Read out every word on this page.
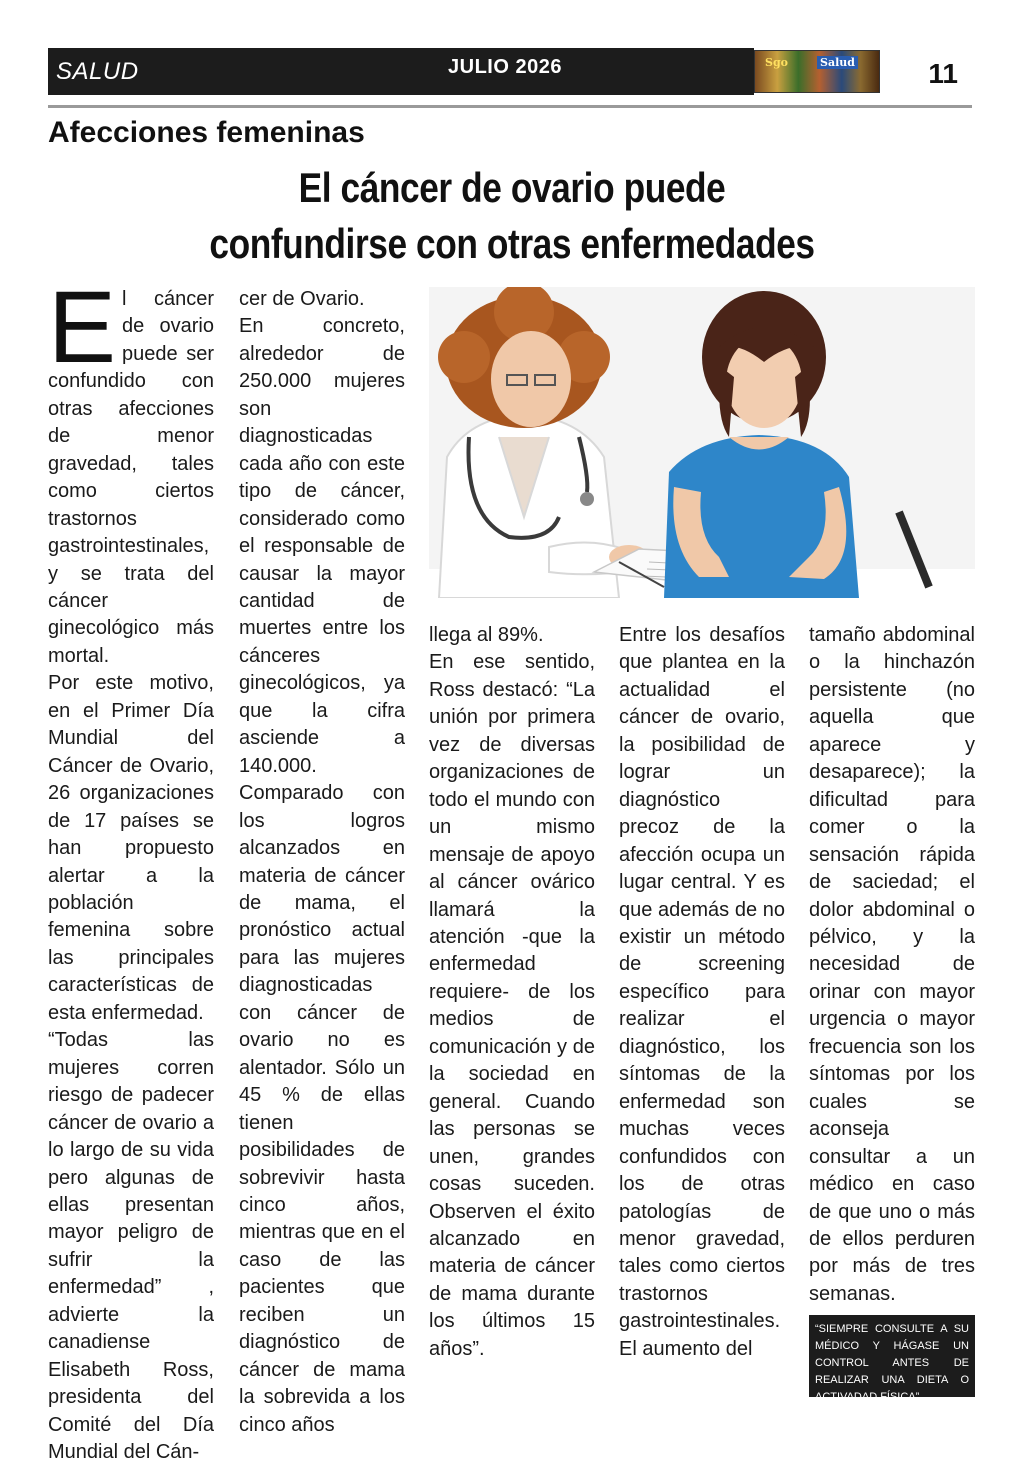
SALUD	JULIO 2026	Sgo	Salud	11
Afecciones femeninas
El cáncer de ovario puede
confundirse con otras enfermedades
E l cáncer de ovario puede ser confundido con otras afecciones de menor gravedad, tales como ciertos trastornos gastrointestinales, y se trata del cáncer ginecológico más mortal.

Por este motivo, en el Primer Día Mundial del Cáncer de Ovario, 26 organizaciones de 17 países se han propuesto alertar a la población femenina sobre las principales características de esta enfermedad.

“Todas las mujeres corren riesgo de padecer cáncer de ovario a lo largo de su vida pero algunas de ellas presentan mayor peligro de sufrir la enfermedad” , advierte la canadiense Elisabeth Ross, presidenta del Comité del Día Mundial del Cán-

cer de Ovario.

En concreto, alrededor de 250.000 mujeres son diagnosticadas cada año con este tipo de cáncer, considerado como el responsable de causar la mayor cantidad de muertes entre los cánceres ginecológicos, ya que la cifra asciende a 140.000.

Comparado con los logros alcanzados en materia de cáncer de mama, el pronóstico actual para las mujeres diagnosticadas con cáncer de ovario no es alentador. Sólo un 45 % de ellas tienen posibilidades de sobrevivir hasta cinco años, mientras que en el caso de las pacientes que reciben un diagnóstico de cáncer de mama la sobrevida a los cinco años

llega al 89%.

En ese sentido, Ross destacó: “La unión por primera vez de diversas organizaciones de todo el mundo con un mismo mensaje de apoyo al cáncer ovárico llamará la atención -que la enfermedad requiere- de los medios de comunicación y de la sociedad en general. Cuando las personas se unen, grandes cosas suceden. Observen el éxito alcanzado en materia de cáncer de mama durante los últimos 15 años”.

Entre los desafíos que plantea en la actualidad el cáncer de ovario, la posibilidad de lograr un diagnóstico precoz de la afección ocupa un lugar central. Y es que además de no existir un método de screening específico para realizar el diagnóstico, los síntomas de la enfermedad son muchas veces confundidos con los de otras patologías de menor gravedad, tales como ciertos trastornos gastrointestinales.

El aumento del

tamaño abdominal o la hinchazón persistente (no aquella que aparece y desaparece); la dificultad para comer o la sensación rápida de saciedad; el dolor abdominal o pélvico, y la necesidad de orinar con mayor urgencia o mayor frecuencia son los síntomas por los cuales se aconseja consultar a un médico en caso de que uno o más de ellos perduren por más de tres semanas.

“SIEMPRE CONSULTE A SU MÉDICO Y HÁGASE UN CONTROL ANTES DE REALIZAR UNA DIETA O ACTIVADAD FÍSICA”
